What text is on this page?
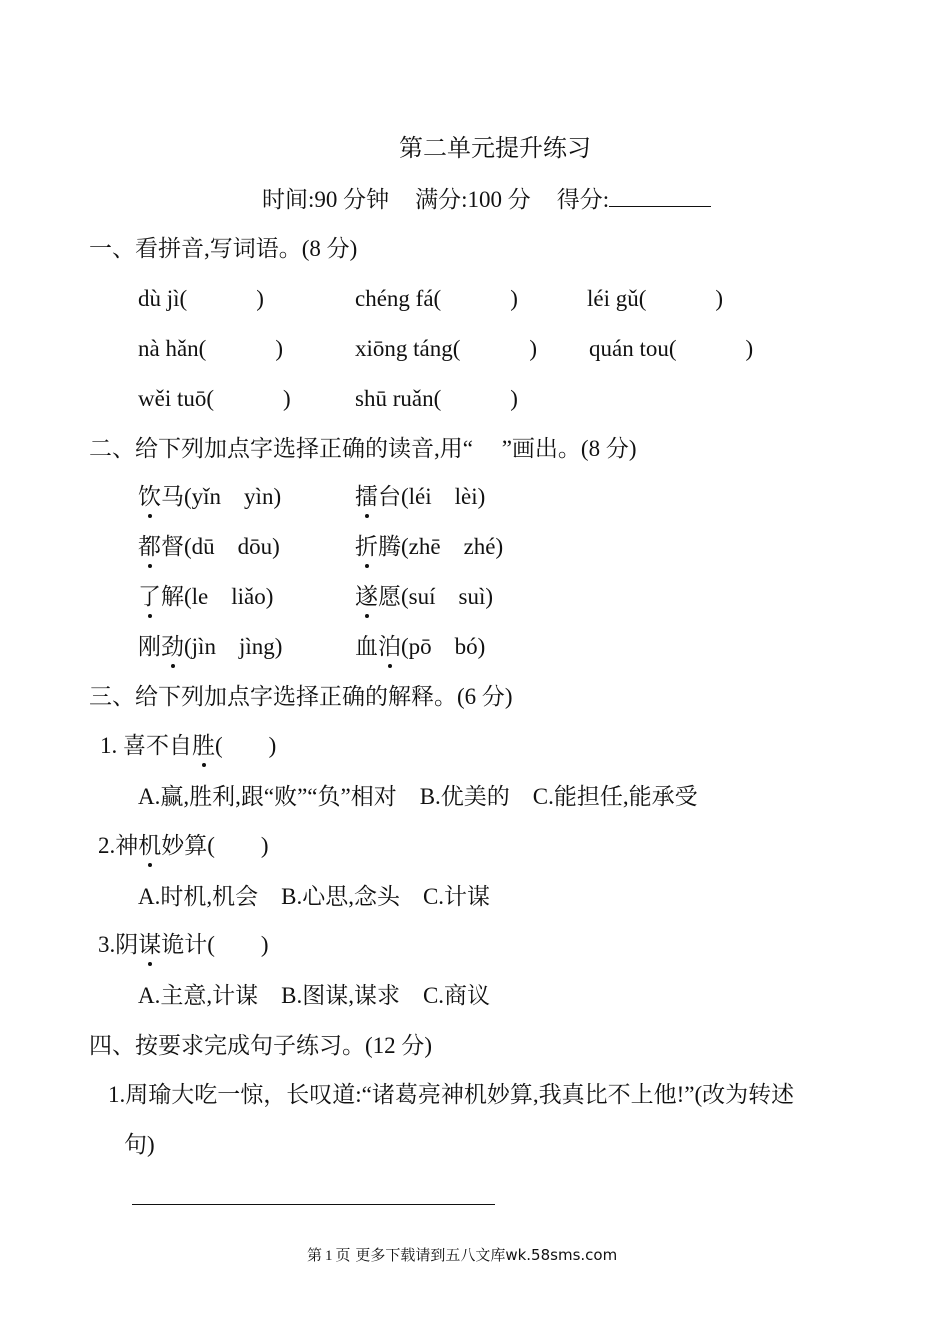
第二单元提升练习
时间:90 分钟 满分:100 分 得分:
一、看拼音,写词语。(8 分)
dù jì(　　　)	chéng fá(　　　)	léi gǔ(　　　)
nà hǎn(　　　)	xiōng táng(　　　) quán tou(　　　)
wěi tuō(　　　)	shū ruǎn(　　　)
二、给下列加点字选择正确的读音,用“　 ”画出。(8 分)
饮马(yǐn　yìn)	擂台(léi　lèi)
都督(dū　dōu)	折腾(zhē　zhé)
了解(le　liǎo)	遂愿(suí　suì)
刚劲(jìn　jìng)	血泊(pō　bó)
三、给下列加点字选择正确的解释。(6 分)
1. 喜不自胜(　　)
A.赢,胜利,跟“败”“负”相对　B.优美的　C.能担任,能承受
2.神机妙算(　　)
A.时机,机会　B.心思,念头　C.计谋
3.阴谋诡计(　　)
A.主意,计谋　B.图谋,谋求　C.商议
四、按要求完成句子练习。(12 分)
1.周瑜大吃一惊，长叹道:“诸葛亮神机妙算,我真比不上他!”(改为转述
句)
第 1 页 更多下载请到五八文库wk.58sms.com
